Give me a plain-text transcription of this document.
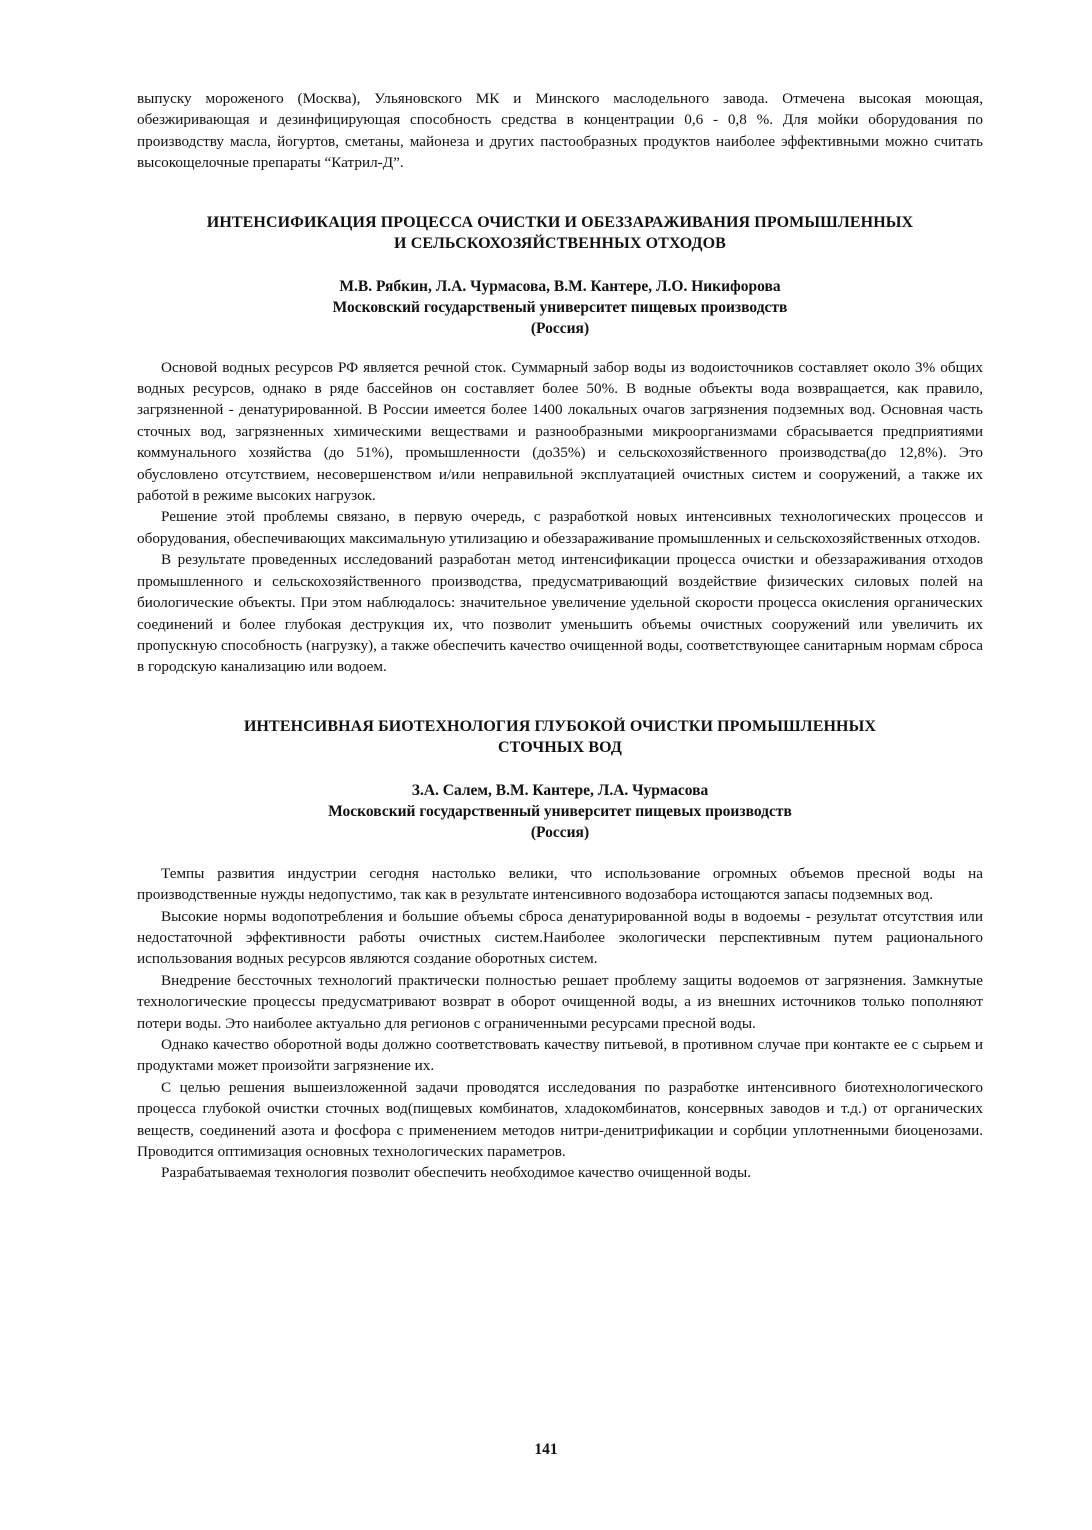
выпуску мороженого (Москва), Ульяновского МК и Минского маслодельного завода. Отмечена высокая моющая, обезжиривающая и дезинфицирующая способность средства в концентрации 0,6 - 0,8 %. Для мойки оборудования по производству масла, йогуртов, сметаны, майонеза и других пастообразных продуктов наиболее эффективными можно считать высокощелочные препараты “Катрил-Д”.

ИНТЕНСИФИКАЦИЯ ПРОЦЕССА ОЧИСТКИ И ОБЕЗЗАРАЖИВАНИЯ ПРОМЫШЛЕННЫХ
И СЕЛЬСКОХОЗЯЙСТВЕННЫХ ОТХОДОВ

М.В. Рябкин, Л.А. Чурмасова, В.М. Кантере, Л.О. Никифорова

Московский государственый университет пищевых производств

(Россия)

Основой водных ресурсов РФ является речной сток. Суммарный забор воды из водоисточников составляет около 3% общих водных ресурсов, однако в ряде бассейнов он составляет более 50%. В водные объекты вода возвращается, как правило, загрязненной - денатурированной. В России имеется более 1400 локальных очагов загрязнения подземных вод. Основная часть сточных вод, загрязненных химическими веществами и разнообразными микроорганизмами сбрасывается предприятиями коммунального хозяйства (до 51%), промышленности (до35%) и сельскохозяйственного производства(до 12,8%). Это обусловлено отсутствием, несовершенством и/или неправильной эксплуатацией очистных систем и сооружений, а также их работой в режиме высоких нагрузок.

Решение этой проблемы связано, в первую очередь, с разработкой новых интенсивных технологических процессов и оборудования, обеспечивающих максимальную утилизацию и обеззараживание промышленных и сельскохозяйственных отходов.

В результате проведенных исследований разработан метод интенсификации процесса очистки и обеззараживания отходов промышленного и сельскохозяйственного производства, предусматривающий воздействие физических силовых полей на биологические объекты. При этом наблюдалось: значительное увеличение удельной скорости процесса окисления органических соединений и более глубокая деструкция их, что позволит уменьшить объемы очистных сооружений или увеличить их пропускную способность (нагрузку), а также обеспечить качество очищенной воды, соответствующее санитарным нормам сброса в городскую канализацию или водоем.

ИНТЕНСИВНАЯ БИОТЕХНОЛОГИЯ ГЛУБОКОЙ ОЧИСТКИ ПРОМЫШЛЕННЫХ
СТОЧНЫХ ВОД

З.А. Салем, В.М. Кантере, Л.А. Чурмасова

Московский государственный университет пищевых производств

(Россия)

Темпы развития индустрии сегодня настолько велики, что использование огромных объемов пресной воды на производственные нужды недопустимо, так как в результате интенсивного водозабора истощаются запасы подземных вод.

Высокие нормы водопотребления и большие объемы сброса денатурированной воды в водоемы - результат отсутствия или недостаточной эффективности работы очистных систем.Наиболее экологически перспективным путем рационального использования водных ресурсов являются создание оборотных систем.

Внедрение бессточных технологий практически полностью решает проблему защиты водоемов от загрязнения. Замкнутые технологические процессы предусматривают возврат в оборот очищенной воды, а из внешних источников только пополняют потери воды. Это наиболее актуально для регионов с ограниченными ресурсами пресной воды.

Однако качество оборотной воды должно соответствовать качеству питьевой, в противном случае при контакте ее с сырьем и продуктами может произойти загрязнение их.

С целью решения вышеизложенной задачи проводятся исследования по разработке интенсивного биотехнологического процесса глубокой очистки сточных вод(пищевых комбинатов, хладокомбинатов, консервных заводов и т.д.) от органических веществ, соединений азота и фосфора с применением методов нитри-денитрификации и сорбции уплотненными биоценозами. Проводится оптимизация основных технологических параметров.

Разрабатываемая технология позволит обеспечить необходимое качество очищенной воды.

141
